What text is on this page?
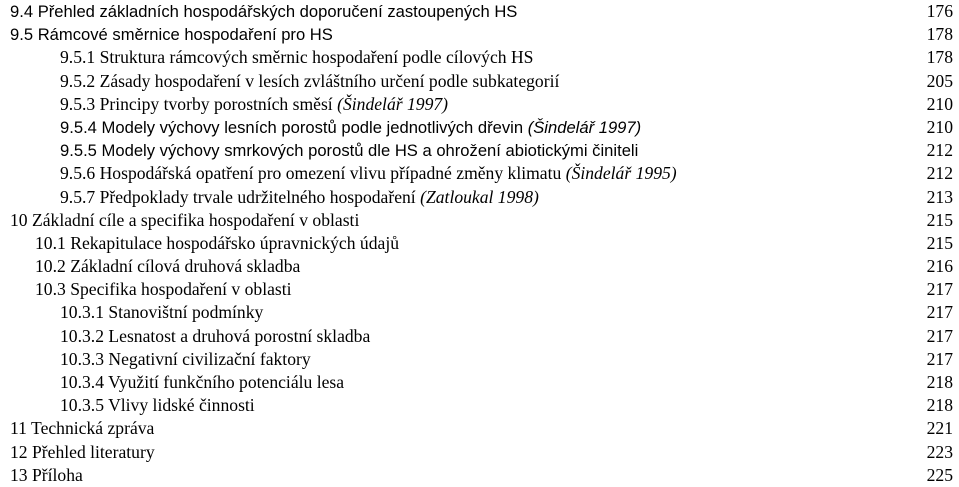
9.4 Přehled základních hospodářských doporučení zastoupených HS	176
9.5 Rámcové směrnice hospodaření pro HS	178
9.5.1 Struktura rámcových směrnic hospodaření podle cílových HS	178
9.5.2 Zásady hospodaření v lesích zvláštního určení podle subkategorií	205
9.5.3 Principy tvorby porostních směsí (Šindelář 1997)	210
9.5.4 Modely výchovy lesních porostů podle jednotlivých dřevin (Šindelář 1997)	210
9.5.5 Modely výchovy smrkových porostů dle HS a ohrožení abiotickými činiteli	212
9.5.6 Hospodářská opatření pro omezení vlivu případné změny klimatu (Šindelář 1995)	212
9.5.7 Předpoklady trvale udržitelného hospodaření (Zatloukal 1998)	213
10 Základní cíle a specifika hospodaření v oblasti	215
10.1 Rekapitulace hospodářsko úpravnických údajů	215
10.2 Základní cílová druhová skladba	216
10.3 Specifika hospodaření v oblasti	217
10.3.1 Stanovištní podmínky	217
10.3.2 Lesnatost a druhová porostní skladba	217
10.3.3 Negativní civilizační faktory	217
10.3.4 Využití funkčního potenciálu lesa	218
10.3.5 Vlivy lidské činnosti	218
11 Technická zpráva	221
12 Přehled literatury	223
13 Příloha	225
